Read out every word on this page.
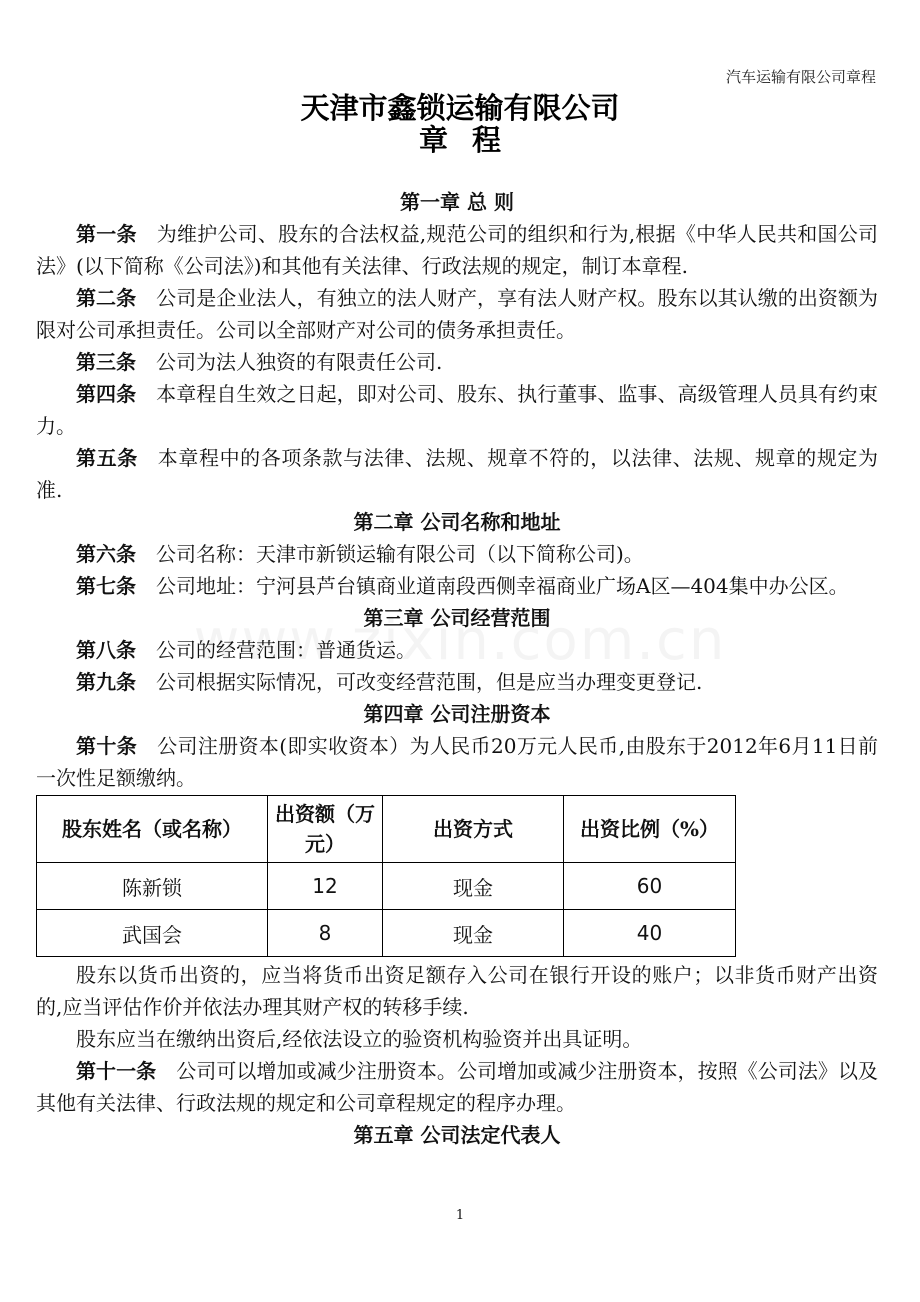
汽车运输有限公司章程
天津市鑫锁运输有限公司
章程
第一章 总 则

第一条 为维护公司、股东的合法权益,规范公司的组织和行为,根据《中华人民共和国公司法》(以下简称《公司法》)和其他有关法律、行政法规的规定，制订本章程.

第二条 公司是企业法人，有独立的法人财产，享有法人财产权。股东以其认缴的出资额为限对公司承担责任。公司以全部财产对公司的债务承担责任。

第三条 公司为法人独资的有限责任公司.

第四条 本章程自生效之日起，即对公司、股东、执行董事、监事、高级管理人员具有约束力。

第五条 本章程中的各项条款与法律、法规、规章不符的，以法律、法规、规章的规定为准.

第二章 公司名称和地址

第六条 公司名称：天津市新锁运输有限公司（以下简称公司)。

第七条 公司地址：宁河县芦台镇商业道南段西侧幸福商业广场A区—404集中办公区。

第三章 公司经营范围

第八条 公司的经营范围：普通货运。

第九条 公司根据实际情况，可改变经营范围，但是应当办理变更登记.

第四章 公司注册资本

第十条 公司注册资本(即实收资本）为人民币20万元人民币,由股东于2012年6月11日前一次性足额缴纳。

股东姓名（或名称）	出资额（万元）	出资方式	出资比例（%）
陈新锁	12	现金	60
武国会	8	现金	40

股东以货币出资的，应当将货币出资足额存入公司在银行开设的账户；以非货币财产出资的,应当评估作价并依法办理其财产权的转移手续.

股东应当在缴纳出资后,经依法设立的验资机构验资并出具证明。

第十一条 公司可以增加或减少注册资本。公司增加或减少注册资本，按照《公司法》以及其他有关法律、行政法规的规定和公司章程规定的程序办理。

第五章 公司法定代表人
1
